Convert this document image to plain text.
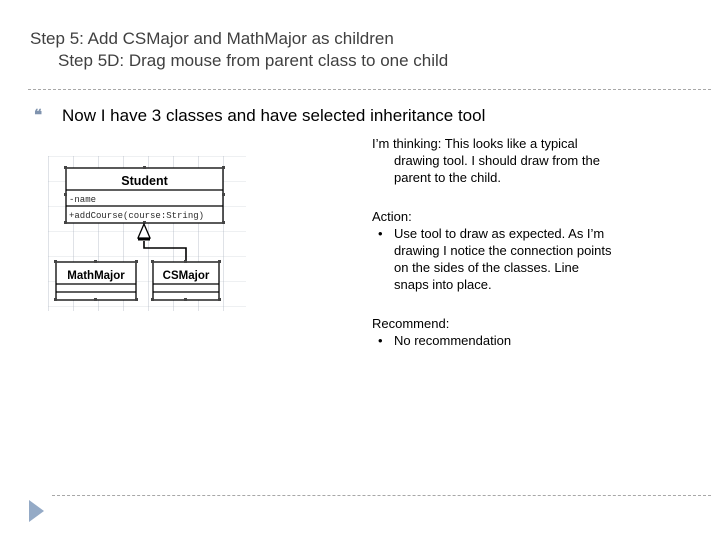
Step 5: Add CSMajor and MathMajor as children
Step 5D: Drag mouse from parent class to one child
❝	Now I have 3 classes and have selected inheritance tool
Student
-name
+addCourse(course:String)
MathMajor	CSMajor
I’m thinking: This looks like a typical
drawing tool. I should draw from the
parent to the child.
Action:
• Use tool to draw as expected. As I’m
drawing I notice the connection points
on the sides of the classes. Line
snaps into place.
Recommend:
• No recommendation
